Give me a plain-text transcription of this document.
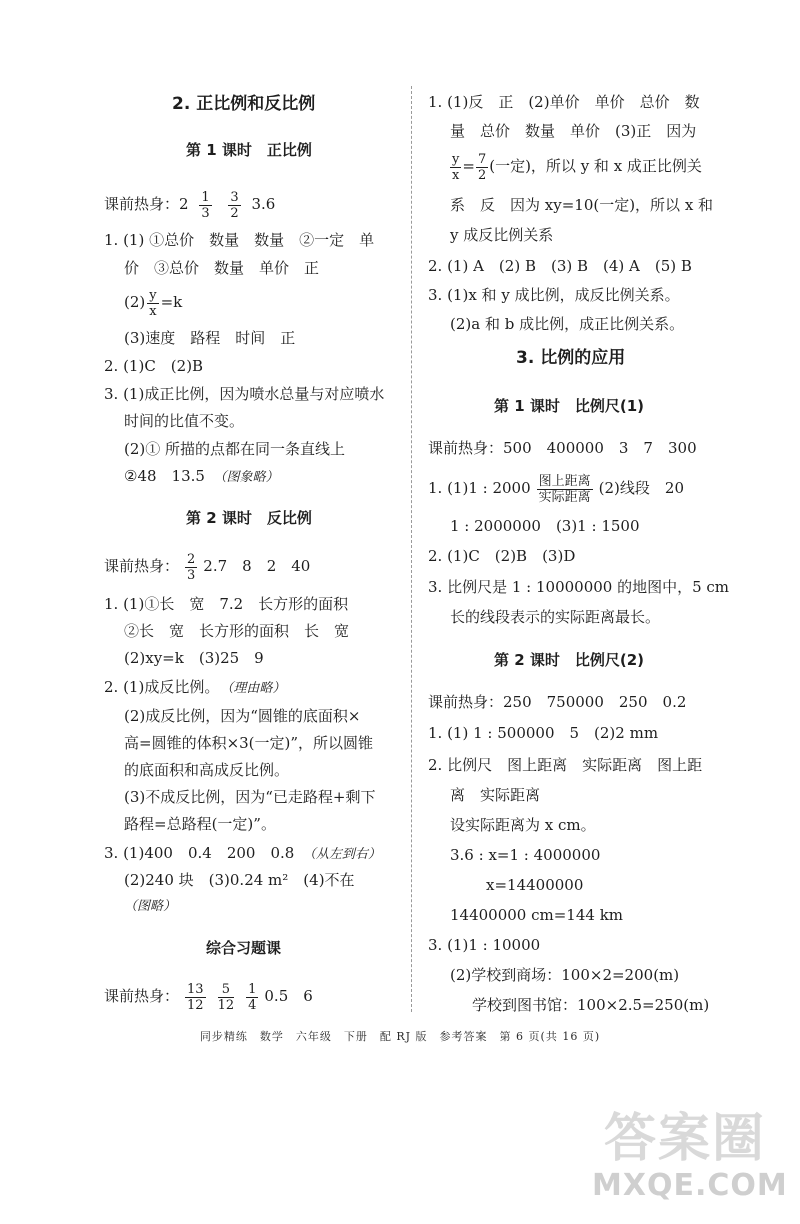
2. 正比例和反比例
第 1 课时　正比例
课前热身：$2 \frac{1}{3}$
$\frac{3}{2} 3.6$
1. (1) ①总价　数量　数量　②一定　单
价　③总价　数量　单价　正
$(2) \frac{y}{x} =k$
(3)速度　路程　时间　正
2. (1)C　(2)B
3. (1)成正比例，因为喷水总量与对应喷水
时间的比值不变。
(2)① 所描的点都在同一条直线上
②48　13.5　 （图象略）
第 2 课时　反比例
课前热身： $\frac{2}{3} 2.7$　8　2　40
1. (1)①长　宽　7.2　长方形的面积
②长　宽　长方形的面积　长　宽
(2)xy=k　(3)25　9
2. (1)成反比例。　 （理由略）
(2)成反比例，因为“圆锥的底面积×
高=圆锥的体积×3(一定)”，所以圆锥
的底面积和高成反比例。
(3)不成反比例，因为“已走路程+剩下
路程=总路程(一定)”。
3. (1)400　0.4　200　0.8　 （从左到右）
(2)240 块　(3)0.24 m²　(4)不在
（图略）
综合习题课
课前热身： $\frac{13}{12} \frac{5}{12} \frac{1}{4} 0.5$　6
1. (1)反　正　(2)单价　单价　总价　数
量　总价　数量　单价　(3)正　因为
$\frac{y}{x} = \frac{7}{2}$ (一定)，所以 y 和 x 成正比例关
系　反　因为 xy=10(一定)，所以 x 和
y 成反比例关系
2. (1) A　(2) B　(3) B　(4) A　(5) B
3. (1)x 和 y 成比例，成反比例关系。
(2)a 和 b 成比例，成正比例关系。
3. 比例的应用
第 1 课时　比例尺(1)
课前热身：500　400000　3　7　300
1. (1)1 : $2000 \frac{\text{图上距离}}{\text{实际距离}} (2)$线段　20
1 : 2000000　(3)1 : 1500
2. (1)C　(2)B　(3)D
3. 比例尺是 1 : 10000000 的地图中，5 cm
长的线段表示的实际距离最长。
第 2 课时　比例尺(2)
课前热身：250　750000　250　0.2
1. (1) 1 : 500000　5　(2)2 mm
2. 比例尺　图上距离　实际距离　图上距
离　实际距离
设实际距离为 x cm。
3.6 : x=1 : 4000000
x=14400000
14400000 cm=144 km
3. (1)1 : 10000
(2)学校到商场：100×2=200(m)
学校到图书馆：100×2.5=250(m)
同步精练　数学　六年级　下册　配 RJ 版　参考答案　第 6 页(共 16 页)
答案圈
MXQE.COM
